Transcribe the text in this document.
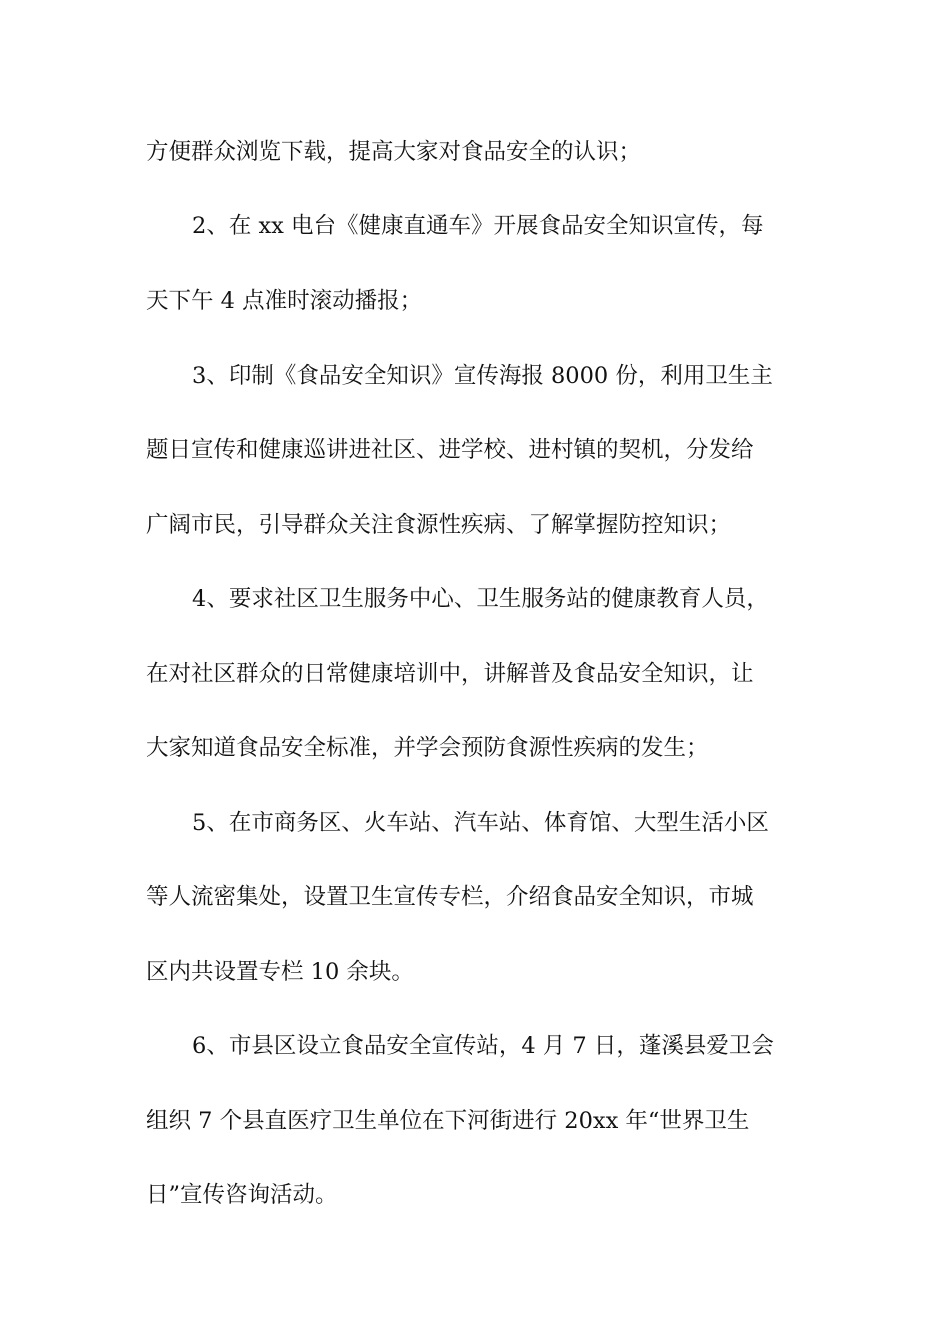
方便群众浏览下载，提高大家对食品安全的认识；
2、在 xx 电台《健康直通车》开展食品安全知识宣传，每
天下午 4 点准时滚动播报；
3、印制《食品安全知识》宣传海报 8000 份，利用卫生主
题日宣传和健康巡讲进社区、进学校、进村镇的契机，分发给
广阔市民，引导群众关注食源性疾病、了解掌握防控知识；
4、要求社区卫生服务中心、卫生服务站的健康教育人员，
在对社区群众的日常健康培训中，讲解普及食品安全知识，让
大家知道食品安全标准，并学会预防食源性疾病的发生；
5、在市商务区、火车站、汽车站、体育馆、大型生活小区
等人流密集处，设置卫生宣传专栏，介绍食品安全知识，市城
区内共设置专栏 10 余块。
6、市县区设立食品安全宣传站，4 月 7 日，蓬溪县爱卫会
组织 7 个县直医疗卫生单位在下河街进行 20xx 年“世界卫生
日”宣传咨询活动。
